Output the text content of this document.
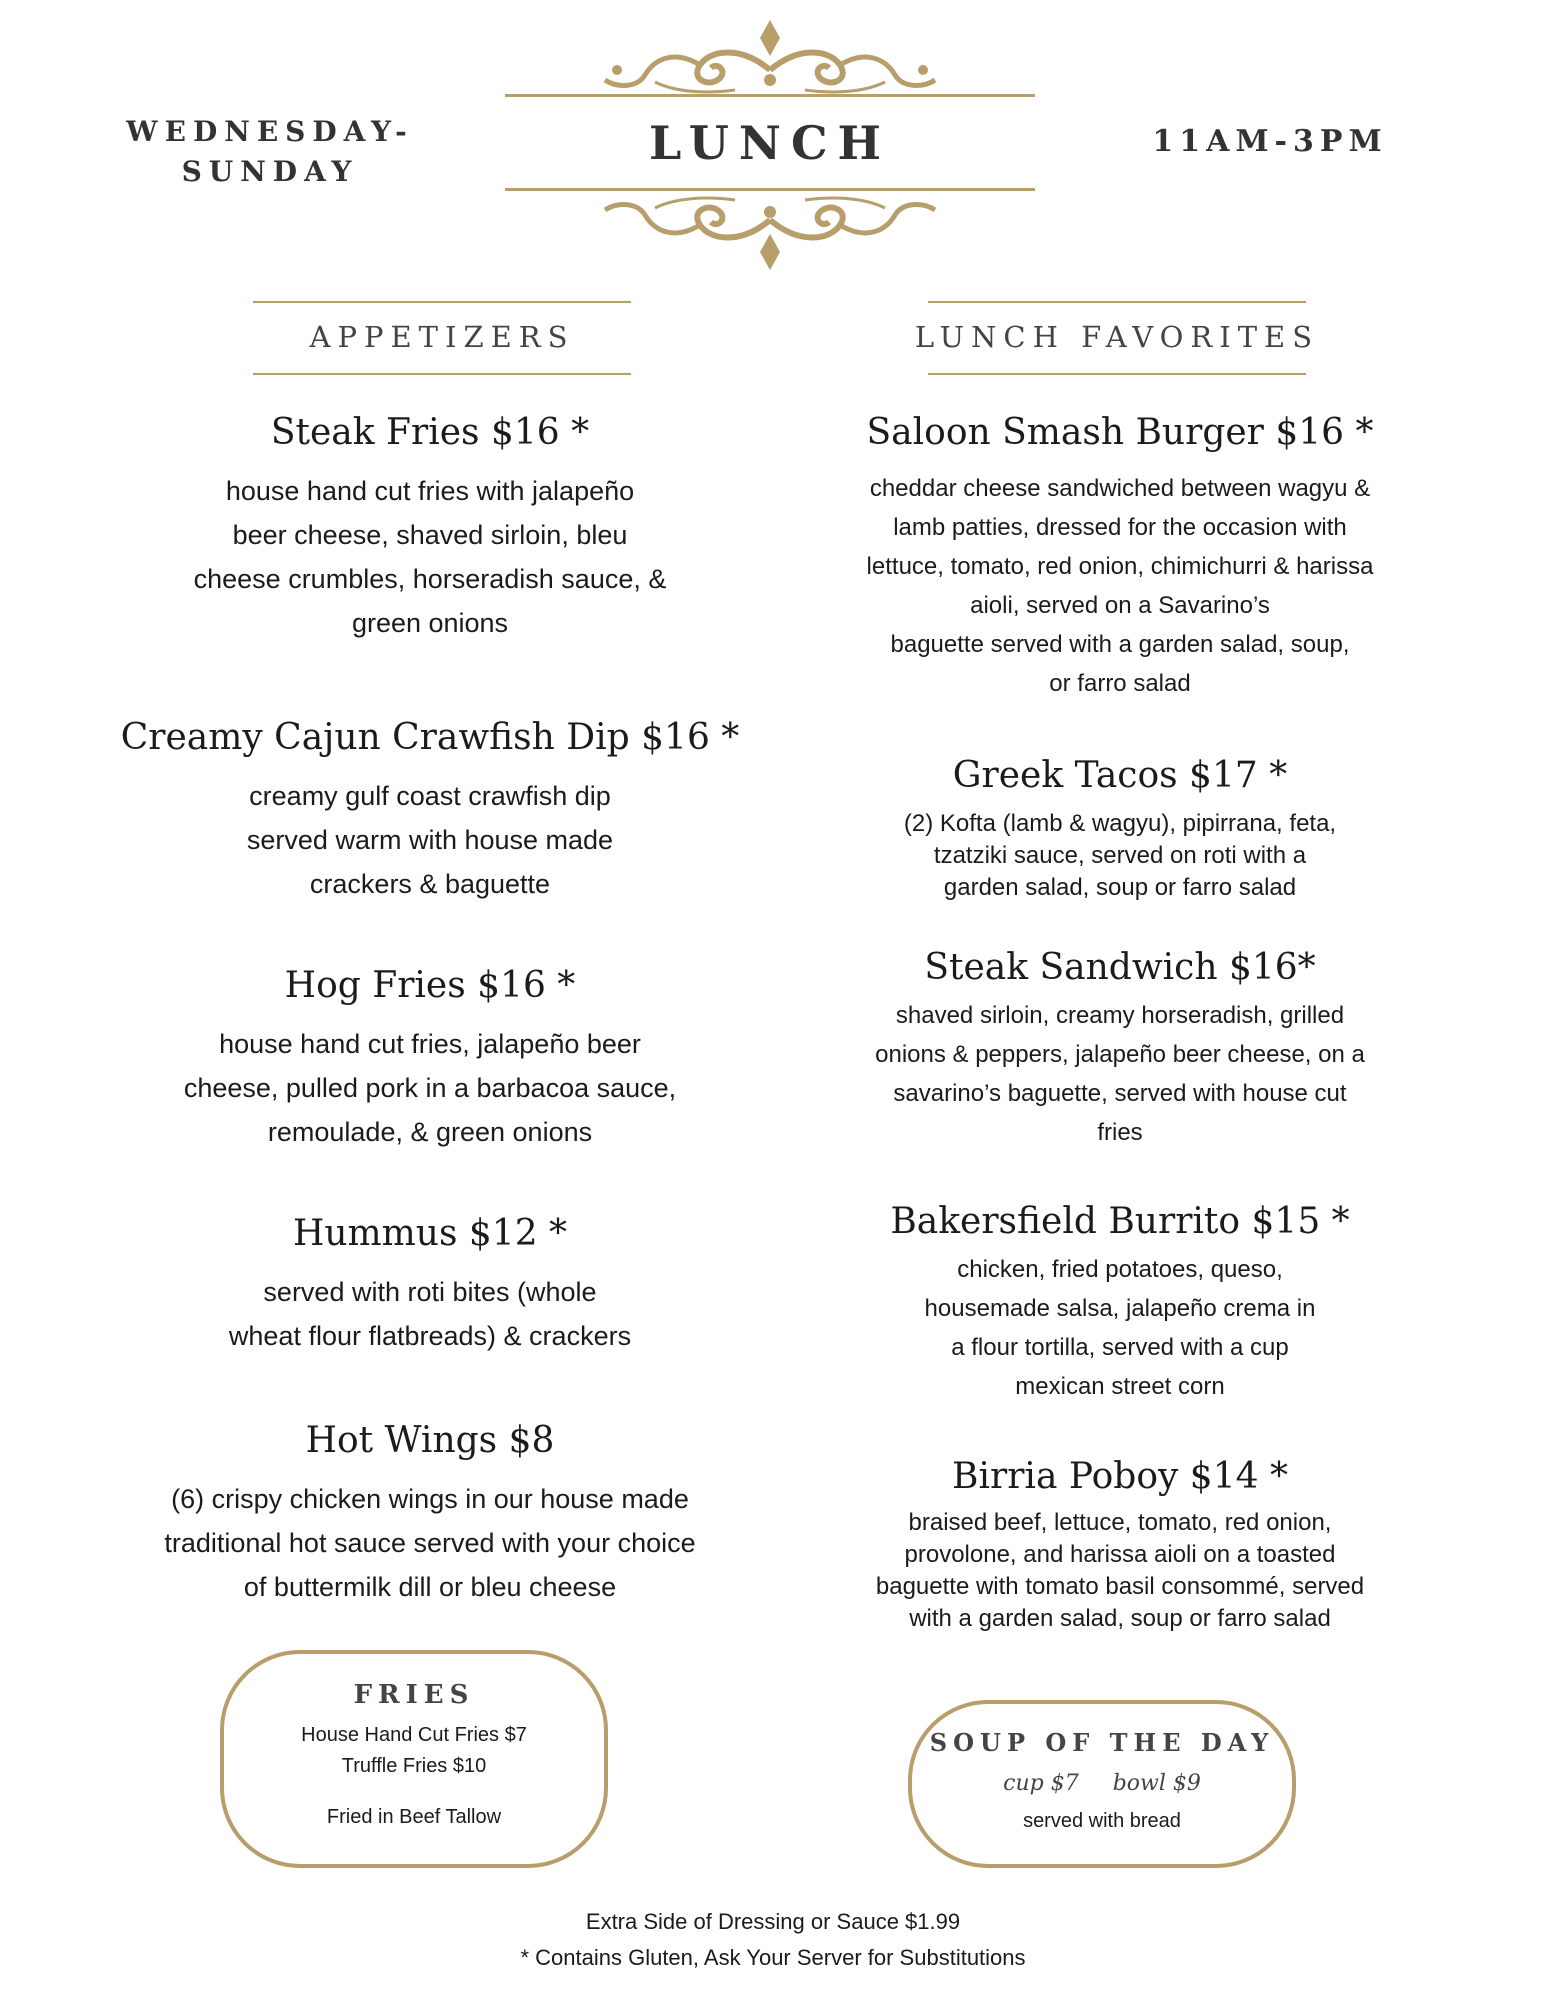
WEDNESDAY-
SUNDAY
LUNCH	11AM-3PM
APPETIZERS
Steak Fries $16 *

house hand cut fries with jalapeño

beer cheese, shaved sirloin, bleu

cheese crumbles, horseradish sauce, &

green onions

Creamy Cajun Crawfish Dip $16 *

creamy gulf coast crawfish dip

served warm with house made

crackers & baguette

Hog Fries $16 *

house hand cut fries, jalapeño beer

cheese, pulled pork in a barbacoa sauce,

remoulade, & green onions

Hummus $12 *

served with roti bites (whole

wheat flour flatbreads) & crackers

Hot Wings $8

(6) crispy chicken wings in our house made

traditional hot sauce served with your choice

of buttermilk dill or bleu cheese

FRIES
House Hand Cut Fries $7
Truffle Fries $10
Fried in Beef Tallow
LUNCH FAVORITES
Saloon Smash Burger $16 *

cheddar cheese sandwiched between wagyu &

lamb patties, dressed for the occasion with

lettuce, tomato, red onion, chimichurri & harissa

aioli, served on a Savarino’s

baguette served with a garden salad, soup,

or farro salad

Greek Tacos $17 *

(2) Kofta (lamb & wagyu), pipirrana, feta,

tzatziki sauce, served on roti with a

garden salad, soup or farro salad

Steak Sandwich $16*

shaved sirloin, creamy horseradish, grilled

onions & peppers, jalapeño beer cheese, on a

savarino’s baguette, served with house cut

fries

Bakersfield Burrito $15 *

chicken, fried potatoes, queso,

housemade salsa, jalapeño crema in

a flour tortilla, served with a cup

mexican street corn

Birria Poboy $14 *

braised beef, lettuce, tomato, red onion,

provolone, and harissa aioli on a toasted

baguette with tomato basil consommé, served

with a garden salad, soup or farro salad

SOUP OF THE DAY
cup $7 bowl $9
served with bread
Extra Side of Dressing or Sauce $1.99
* Contains Gluten, Ask Your Server for Substitutions
